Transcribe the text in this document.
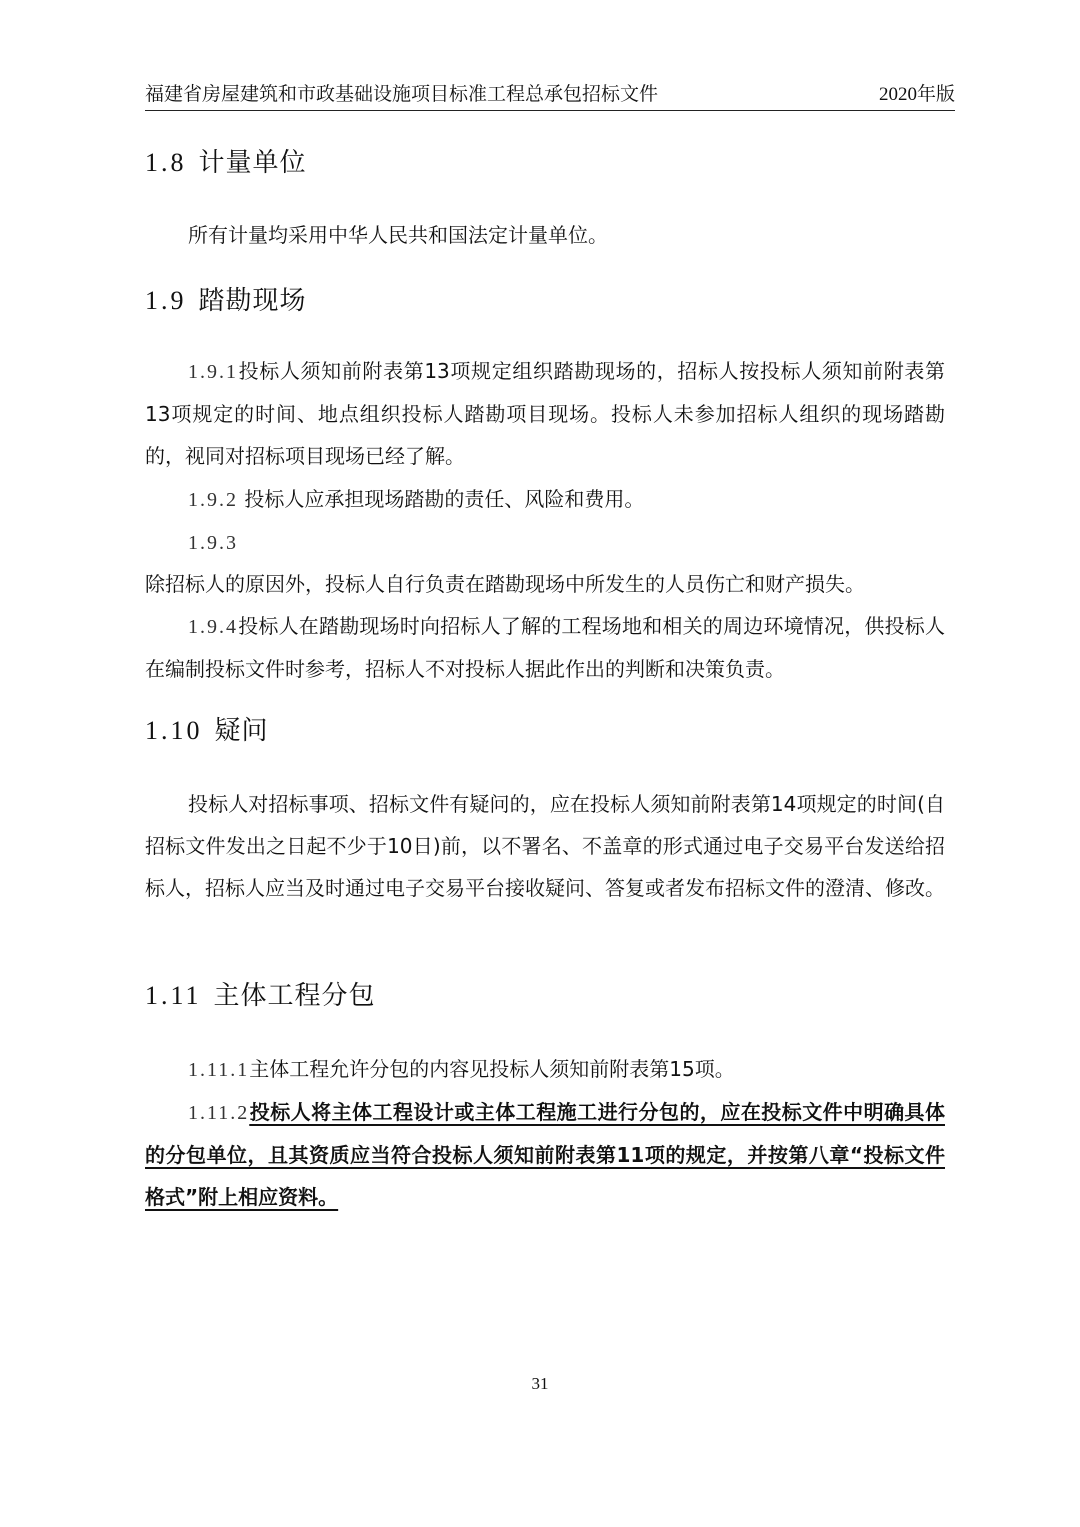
福建省房屋建筑和市政基础设施项目标准工程总承包招标文件	2020年版
1.8 计量单位

所有计量均采用中华人民共和国法定计量单位。

1.9 踏勘现场

1.9.1投标人须知前附表第13项规定组织踏勘现场的，招标人按投标人须知前附表第13项规定的时间、地点组织投标人踏勘项目现场。投标人未参加招标人组织的现场踏勘的，视同对招标项目现场已经了解。

1.9.2 投标人应承担现场踏勘的责任、风险和费用。

1.9.3

除招标人的原因外，投标人自行负责在踏勘现场中所发生的人员伤亡和财产损失。

1.9.4投标人在踏勘现场时向招标人了解的工程场地和相关的周边环境情况，供投标人在编制投标文件时参考，招标人不对投标人据此作出的判断和决策负责。

1.10 疑问

投标人对招标事项、招标文件有疑问的，应在投标人须知前附表第14项规定的时间(自招标文件发出之日起不少于10日)前，以不署名、不盖章的形式通过电子交易平台发送给招标人，招标人应当及时通过电子交易平台接收疑问、答复或者发布招标文件的澄清、修改。

1.11 主体工程分包

1.11.1主体工程允许分包的内容见投标人须知前附表第15项。

1.11.2投标人将主体工程设计或主体工程施工进行分包的，应在投标文件中明确具体的分包单位，且其资质应当符合投标人须知前附表第11项的规定，并按第八章“投标文件格式”附上相应资料。

31
